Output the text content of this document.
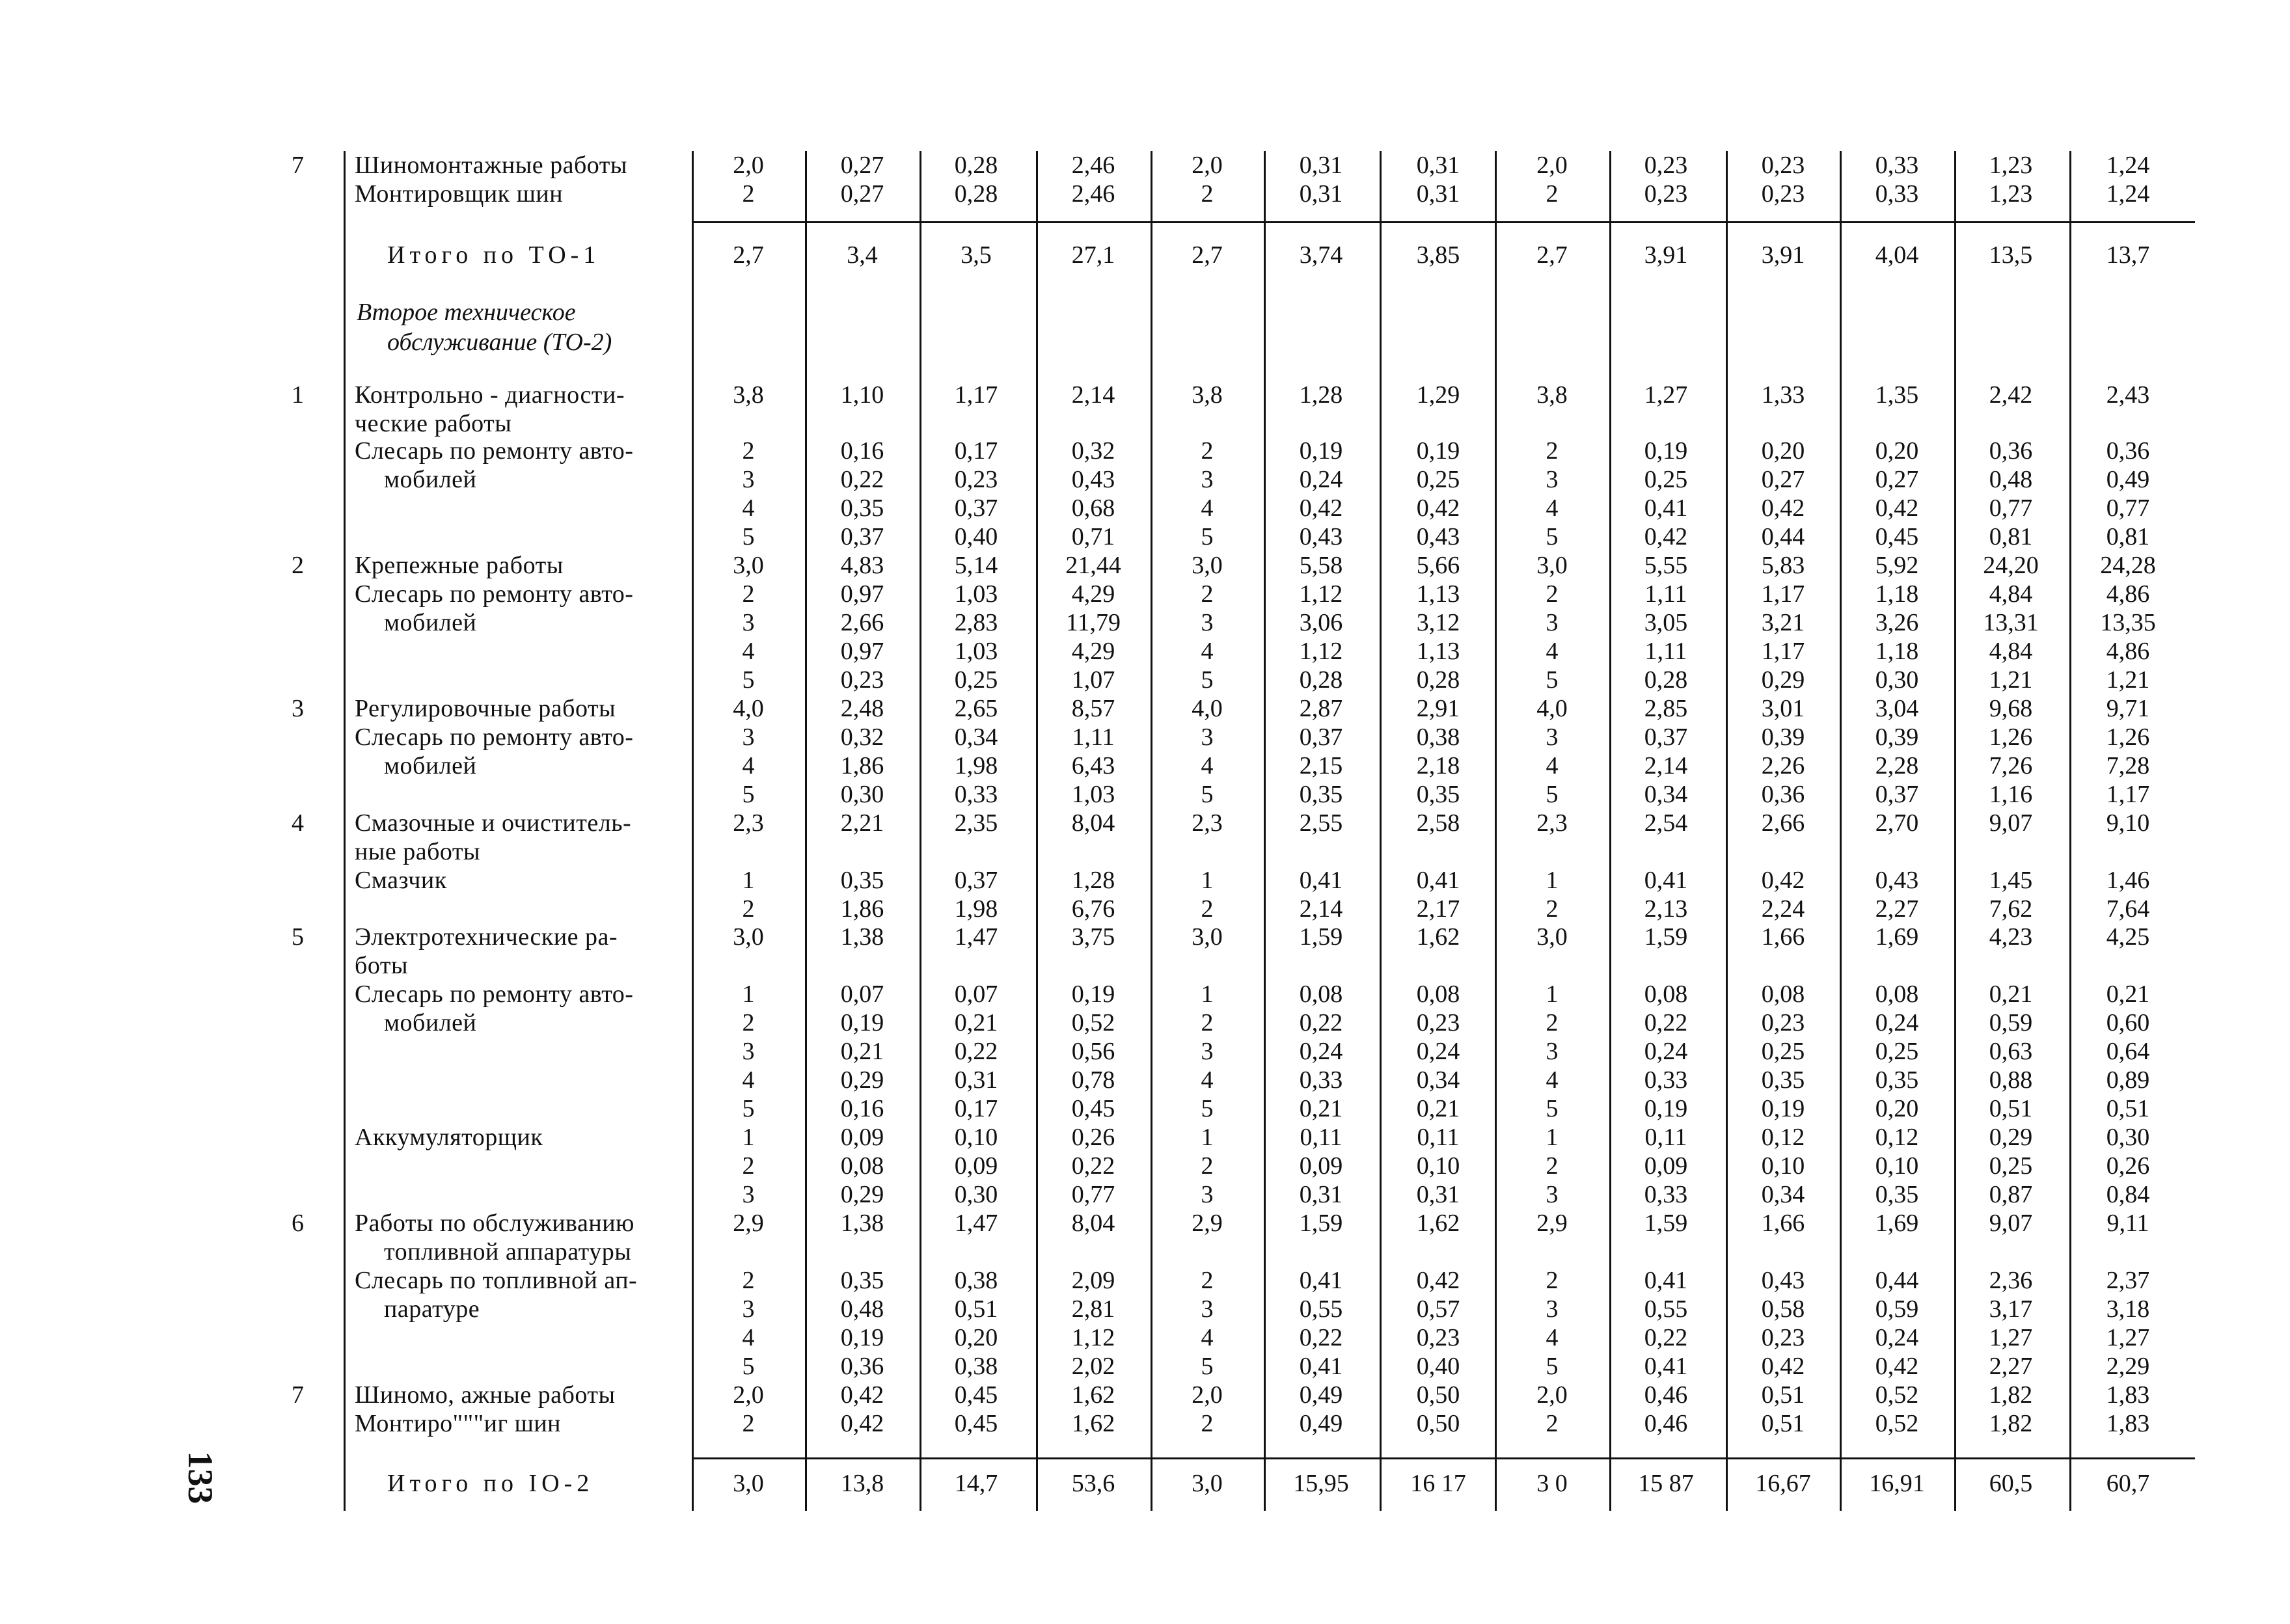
133
7 Шиномонтажные работы	2,0	0,27	0,28	2,46	2,0	0,31	0,31	2,0	0,23	0,23	0,33	1,23	1,24
Монтировщик шин	2	0,27	0,28	2,46	2	0,31	0,31	2	0,23	0,23	0,33	1,23	1,24
Итого по ТО-1	2,7	3,4	3,5	27,1	2,7	3,74	3,85	2,7	3,91	3,91	4,04	13,5	13,7
Второе техническое
обслуживание (ТО-2)
1 Контрольно - диагности-	3,8	1,10	1,17	2,14	3,8	1,28	1,29	3,8	1,27	1,33	1,35	2,42	2,43
ческие работы
Слесарь по ремонту авто-	2	0,16	0,17	0,32	2	0,19	0,19	2	0,19	0,20	0,20	0,36	0,36
мобилей	3	0,22	0,23	0,43	3	0,24	0,25	3	0,25	0,27	0,27	0,48	0,49
4	0,35	0,37	0,68	4	0,42	0,42	4	0,41	0,42	0,42	0,77	0,77
5	0,37	0,40	0,71	5	0,43	0,43	5	0,42	0,44	0,45	0,81	0,81
2 Крепежные работы	3,0	4,83	5,14	21,44	3,0	5,58	5,66	3,0	5,55	5,83	5,92	24,20	24,28
Слесарь по ремонту авто-	2	0,97	1,03	4,29	2	1,12	1,13	2	1,11	1,17	1,18	4,84	4,86
мобилей	3	2,66	2,83	11,79	3	3,06	3,12	3	3,05	3,21	3,26	13,31	13,35
4	0,97	1,03	4,29	4	1,12	1,13	4	1,11	1,17	1,18	4,84	4,86
5	0,23	0,25	1,07	5	0,28	0,28	5	0,28	0,29	0,30	1,21	1,21
3 Регулировочные работы	4,0	2,48	2,65	8,57	4,0	2,87	2,91	4,0	2,85	3,01	3,04	9,68	9,71
Слесарь по ремонту авто-	3	0,32	0,34	1,11	3	0,37	0,38	3	0,37	0,39	0,39	1,26	1,26
мобилей	4	1,86	1,98	6,43	4	2,15	2,18	4	2,14	2,26	2,28	7,26	7,28
5	0,30	0,33	1,03	5	0,35	0,35	5	0,34	0,36	0,37	1,16	1,17
4 Смазочные и очиститель-	2,3	2,21	2,35	8,04	2,3	2,55	2,58	2,3	2,54	2,66	2,70	9,07	9,10
ные работы
Смазчик	1	0,35	0,37	1,28	1	0,41	0,41	1	0,41	0,42	0,43	1,45	1,46
2	1,86	1,98	6,76	2	2,14	2,17	2	2,13	2,24	2,27	7,62	7,64
5 Электротехнические ра-	3,0	1,38	1,47	3,75	3,0	1,59	1,62	3,0	1,59	1,66	1,69	4,23	4,25
боты
Слесарь по ремонту авто-	1	0,07	0,07	0,19	1	0,08	0,08	1	0,08	0,08	0,08	0,21	0,21
мобилей	2	0,19	0,21	0,52	2	0,22	0,23	2	0,22	0,23	0,24	0,59	0,60
3	0,21	0,22	0,56	3	0,24	0,24	3	0,24	0,25	0,25	0,63	0,64
4	0,29	0,31	0,78	4	0,33	0,34	4	0,33	0,35	0,35	0,88	0,89
5	0,16	0,17	0,45	5	0,21	0,21	5	0,19	0,19	0,20	0,51	0,51
Аккумуляторщик	1	0,09	0,10	0,26	1	0,11	0,11	1	0,11	0,12	0,12	0,29	0,30
2	0,08	0,09	0,22	2	0,09	0,10	2	0,09	0,10	0,10	0,25	0,26
3	0,29	0,30	0,77	3	0,31	0,31	3	0,33	0,34	0,35	0,87	0,84
6 Работы по обслуживанию	2,9	1,38	1,47	8,04	2,9	1,59	1,62	2,9	1,59	1,66	1,69	9,07	9,11
топливной аппаратуры
Слесарь по топливной ап-	2	0,35	0,38	2,09	2	0,41	0,42	2	0,41	0,43	0,44	2,36	2,37
паратуре	3	0,48	0,51	2,81	3	0,55	0,57	3	0,55	0,58	0,59	3,17	3,18
4	0,19	0,20	1,12	4	0,22	0,23	4	0,22	0,23	0,24	1,27	1,27
5	0,36	0,38	2,02	5	0,41	0,40	5	0,41	0,42	0,42	2,27	2,29
7 Шиномо, ажные работы	2,0	0,42	0,45	1,62	2,0	0,49	0,50	2,0	0,46	0,51	0,52	1,82	1,83
Монтиро"""иг шин	2	0,42	0,45	1,62	2	0,49	0,50	2	0,46	0,51	0,52	1,82	1,83
Итого по IО-2	3,0	13,8	14,7	53,6	3,0	15,95	16 17	3 0	15 87	16,67	16,91	60,5	60,7
